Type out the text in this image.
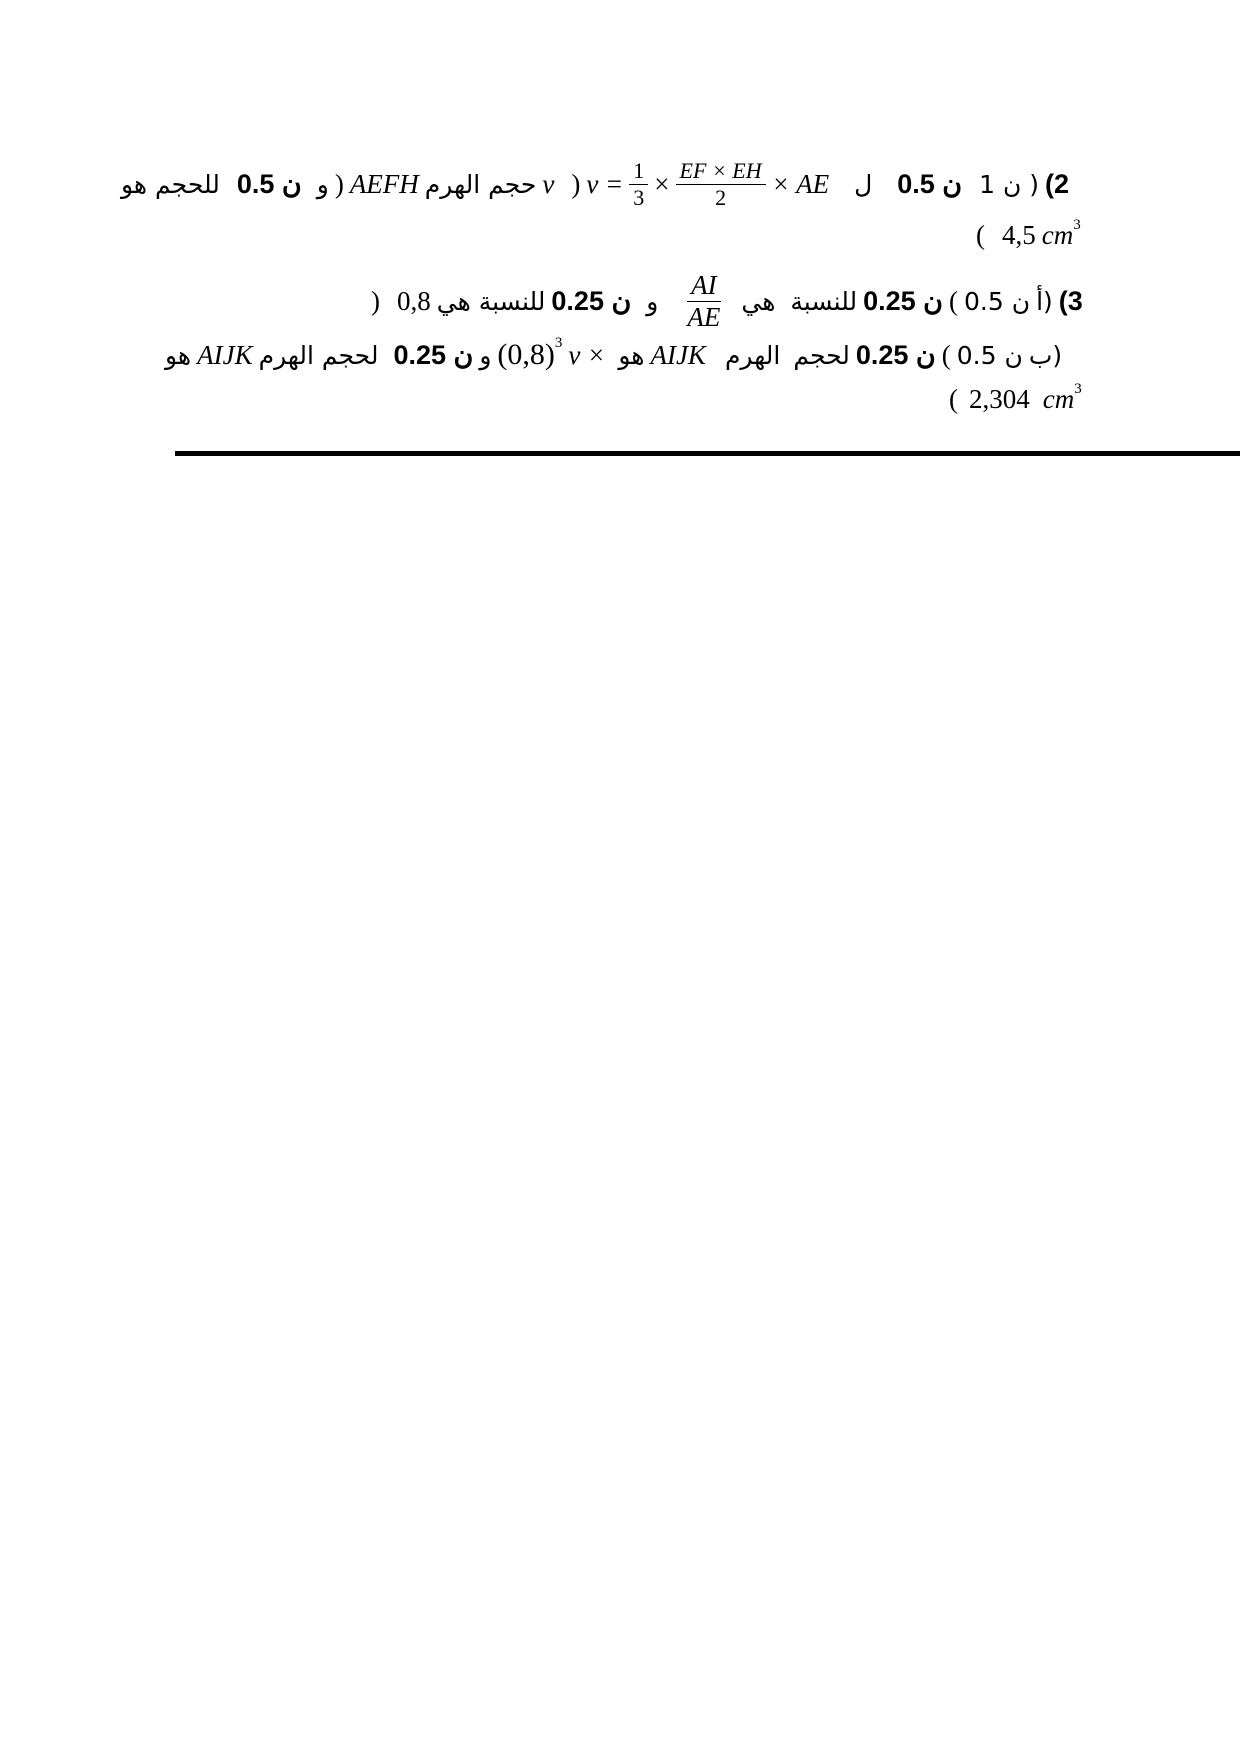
للحجم هو 0.5 ن و ) AEFH حجم الهرم v ) $v = \frac{1}{3} \times \frac{EF \times EH}{2}$ × AE ل 0.5 ن 1 ن ) (2
( 4,5 $cm^3$
) 0,8 للنسبة هي 0.25 ن و $\frac{AI}{AE}$ هي للنسبة 0.25 ن ( 0.5 ن أ) (3
هو AIJK لحجم الهرم 0.25 ن و $(0,8)^3$ v × هو AIJK الهرم لحجم 0.25 ن ( 0.5 ن ب)
( 2,304 $cm^3$
